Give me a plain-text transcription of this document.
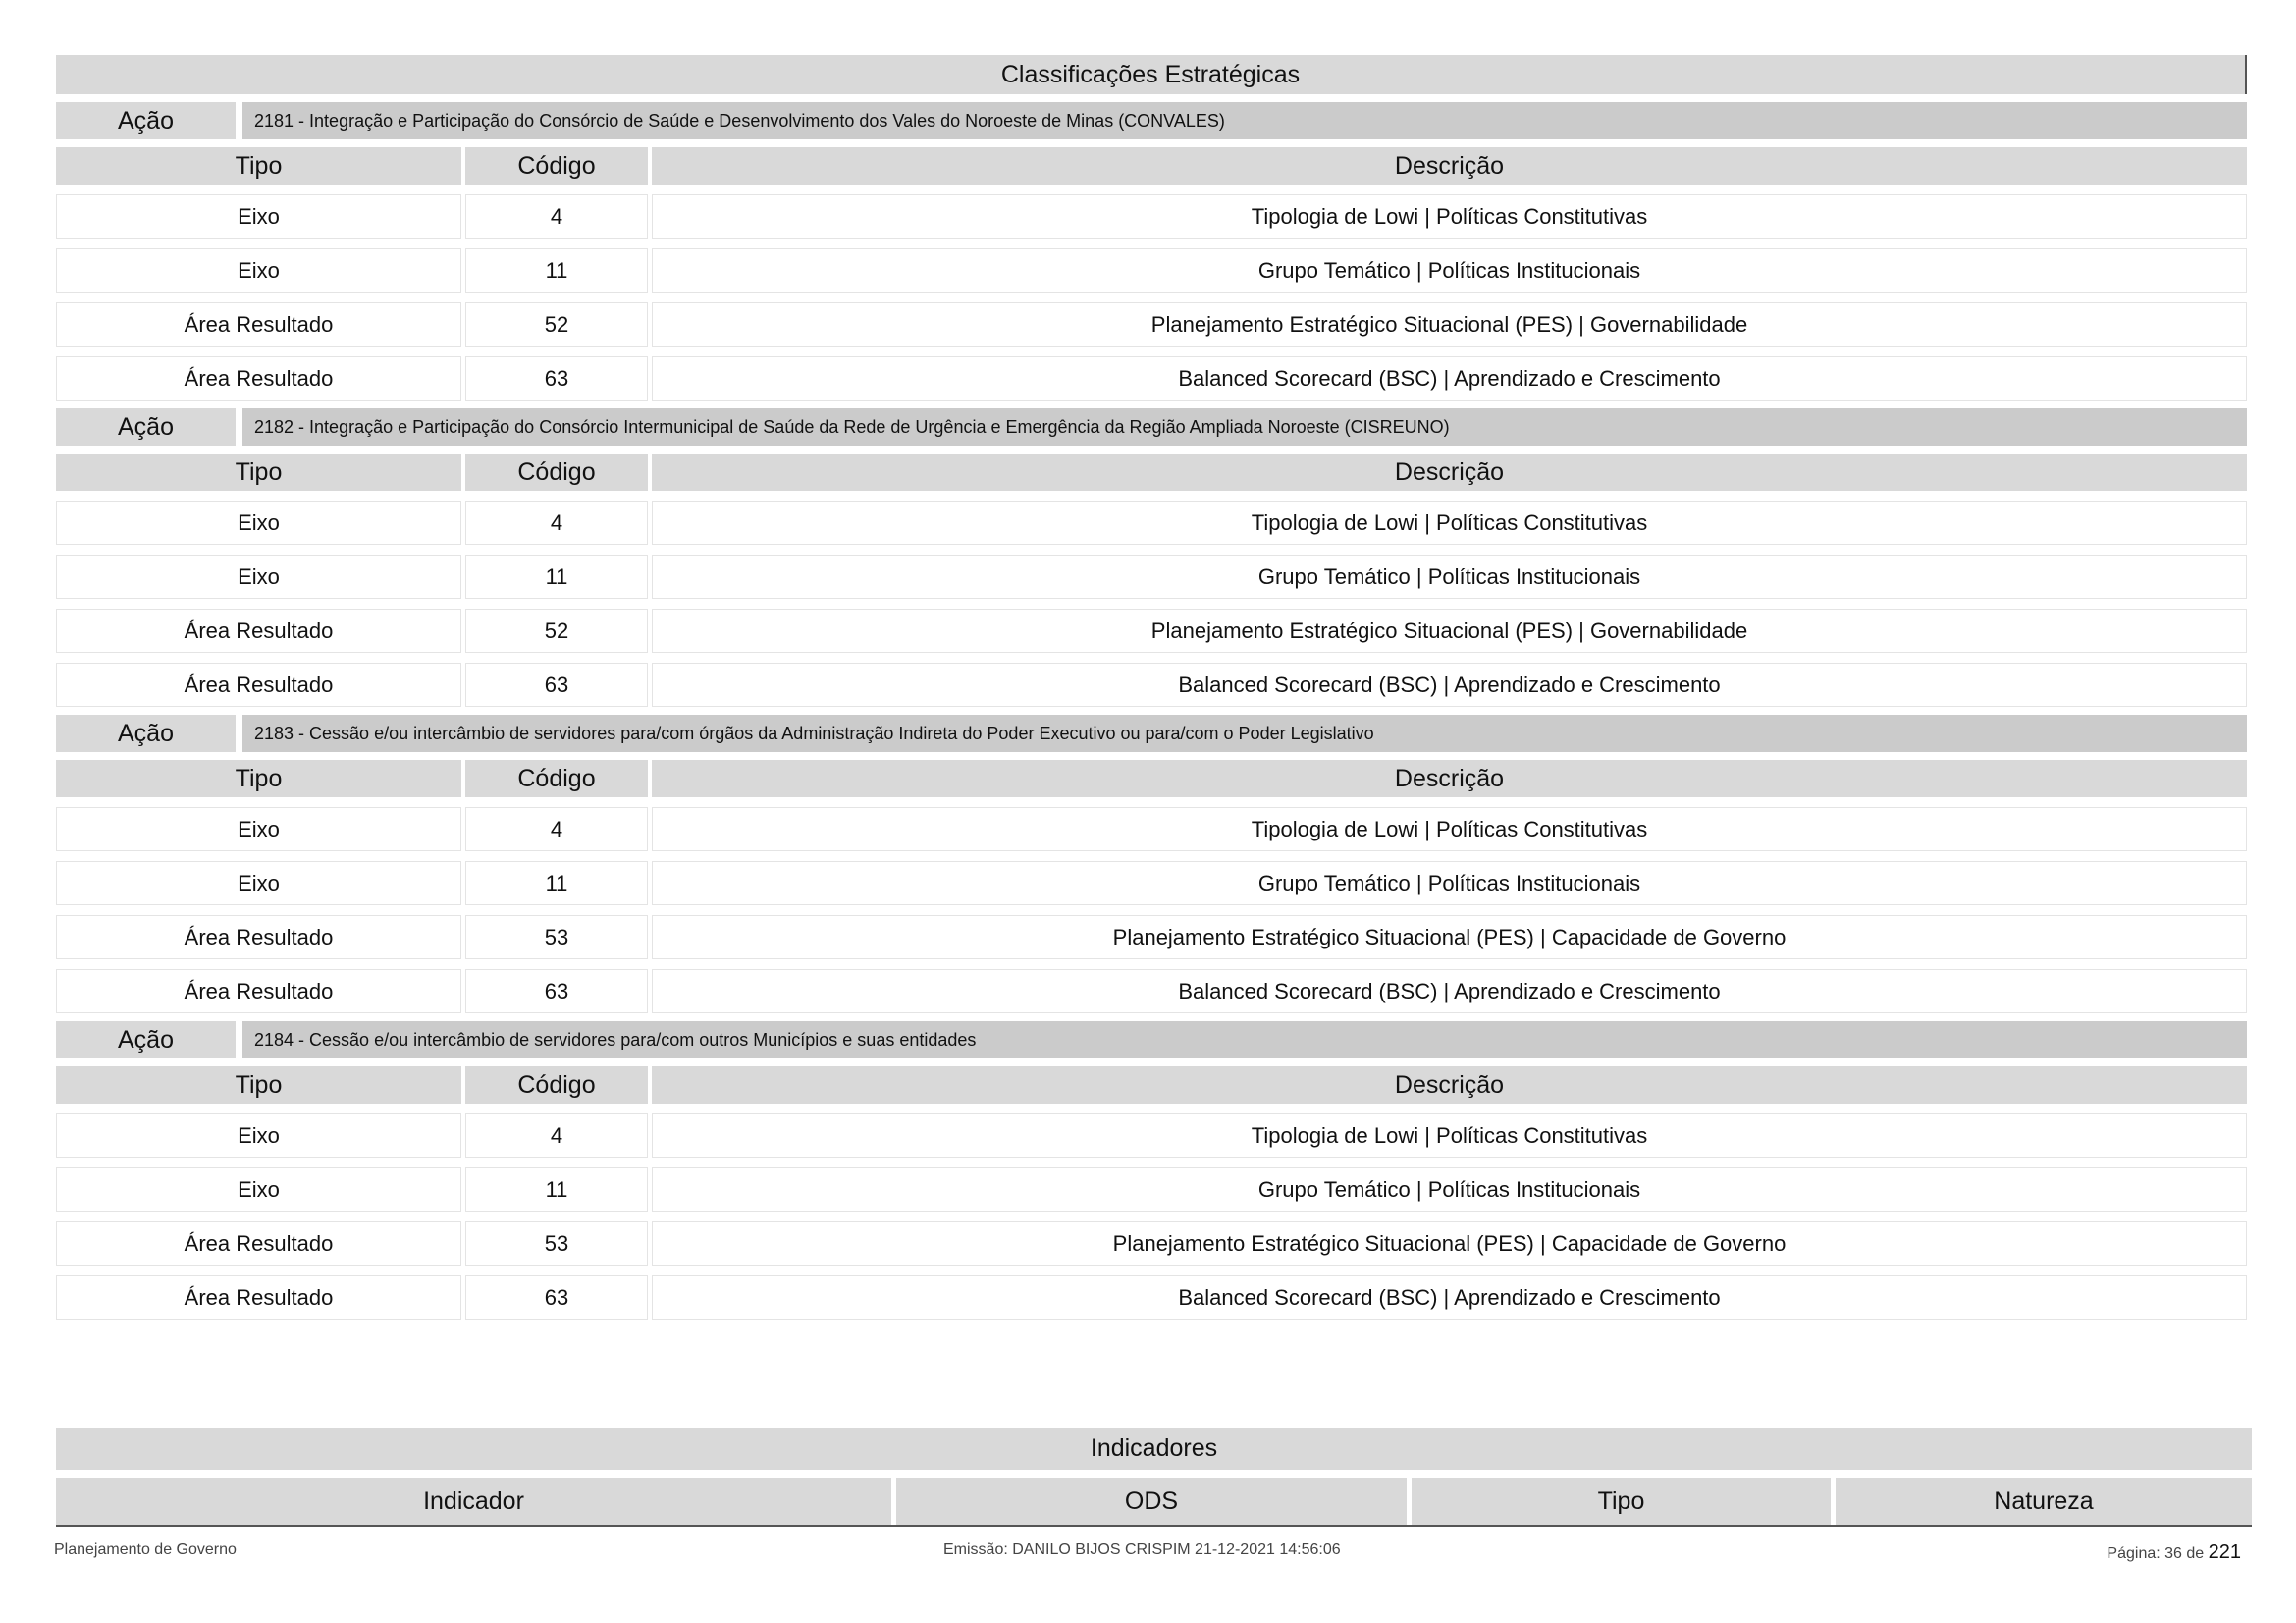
Classificações Estratégicas
Ação	2181 - Integração e Participação do Consórcio de Saúde e Desenvolvimento dos Vales do Noroeste de Minas (CONVALES)
Tipo	Código	Descrição
Eixo	4	Tipologia de Lowi | Políticas Constitutivas
Eixo	11	Grupo Temático | Políticas Institucionais
Área Resultado	52	Planejamento Estratégico Situacional (PES) | Governabilidade
Área Resultado	63	Balanced Scorecard (BSC) | Aprendizado e Crescimento
Ação	2182 - Integração e Participação do Consórcio Intermunicipal de Saúde da Rede de Urgência e Emergência da Região Ampliada Noroeste (CISREUNO)
Tipo	Código	Descrição
Eixo	4	Tipologia de Lowi | Políticas Constitutivas
Eixo	11	Grupo Temático | Políticas Institucionais
Área Resultado	52	Planejamento Estratégico Situacional (PES) | Governabilidade
Área Resultado	63	Balanced Scorecard (BSC) | Aprendizado e Crescimento
Ação	2183 - Cessão e/ou intercâmbio de servidores para/com órgãos da Administração Indireta do Poder Executivo ou para/com o Poder Legislativo
Tipo	Código	Descrição
Eixo	4	Tipologia de Lowi | Políticas Constitutivas
Eixo	11	Grupo Temático | Políticas Institucionais
Área Resultado	53	Planejamento Estratégico Situacional (PES) | Capacidade de Governo
Área Resultado	63	Balanced Scorecard (BSC) | Aprendizado e Crescimento
Ação	2184 - Cessão e/ou intercâmbio de servidores para/com outros Municípios e suas entidades
Tipo	Código	Descrição
Eixo	4	Tipologia de Lowi | Políticas Constitutivas
Eixo	11	Grupo Temático | Políticas Institucionais
Área Resultado	53	Planejamento Estratégico Situacional (PES) | Capacidade de Governo
Área Resultado	63	Balanced Scorecard (BSC) | Aprendizado e Crescimento
Indicadores
Indicador	ODS	Tipo	Natureza
Planejamento de Governo	Emissão: DANILO BIJOS CRISPIM 21-12-2021 14:56:06	Página: 36 de 221
